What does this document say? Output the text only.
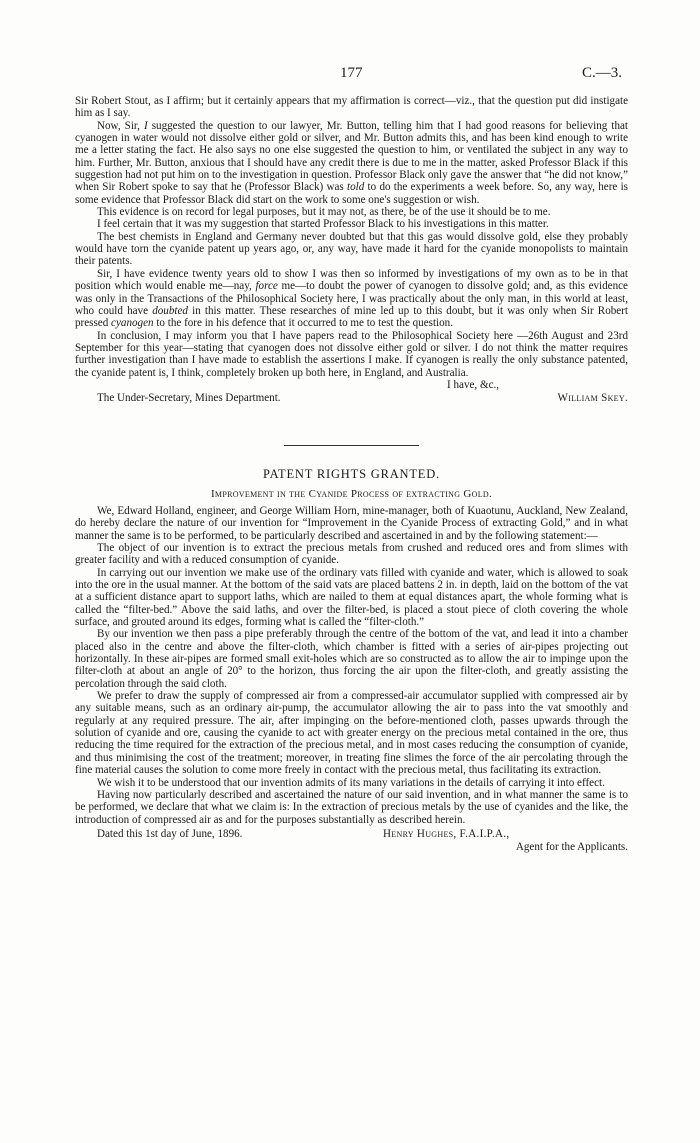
177	C.—3.

Sir Robert Stout, as I affirm; but it certainly appears that my affirmation is correct—viz., that the question put did instigate him as I say.

Now, Sir, I suggested the question to our lawyer, Mr. Button, telling him that I had good reasons for believing that cyanogen in water would not dissolve either gold or silver, and Mr. Button admits this, and has been kind enough to write me a letter stating the fact. He also says no one else suggested the question to him, or ventilated the subject in any way to him. Further, Mr. Button, anxious that I should have any credit there is due to me in the matter, asked Professor Black if this suggestion had not put him on to the investigation in question. Professor Black only gave the answer that “he did not know,” when Sir Robert spoke to say that he (Professor Black) was told to do the experiments a week before. So, any way, here is some evidence that Professor Black did start on the work to some one's suggestion or wish.

This evidence is on record for legal purposes, but it may not, as there, be of the use it should be to me.

I feel certain that it was my suggestion that started Professor Black to his investigations in this matter.

The best chemists in England and Germany never doubted but that this gas would dissolve gold, else they probably would have torn the cyanide patent up years ago, or, any way, have made it hard for the cyanide monopolists to maintain their patents.

Sir, I have evidence twenty years old to show I was then so informed by investigations of my own as to be in that position which would enable me—nay, force me—to doubt the power of cyanogen to dissolve gold; and, as this evidence was only in the Transactions of the Philosophical Society here, I was practically about the only man, in this world at least, who could have doubted in this matter. These researches of mine led up to this doubt, but it was only when Sir Robert pressed cyanogen to the fore in his defence that it occurred to me to test the question.

In conclusion, I may inform you that I have papers read to the Philosophical Society here —26th August and 23rd September for this year—stating that cyanogen does not dissolve either gold or silver. I do not think the matter requires further investigation than I have made to establish the assertions I make. If cyanogen is really the only substance patented, the cyanide patent is, I think, completely broken up both here, in England, and Australia.

I have, &c.,

The Under-Secretary, Mines Department.	William Skey.
PATENT RIGHTS GRANTED.
Improvement in the Cyanide Process of extracting Gold.

We, Edward Holland, engineer, and George William Horn, mine-manager, both of Kuaotunu, Auckland, New Zealand, do hereby declare the nature of our invention for “Improvement in the Cyanide Process of extracting Gold,” and in what manner the same is to be performed, to be particularly described and ascertained in and by the following statement:—

The object of our invention is to extract the precious metals from crushed and reduced ores and from slimes with greater facility and with a reduced consumption of cyanide.

In carrying out our invention we make use of the ordinary vats filled with cyanide and water, which is allowed to soak into the ore in the usual manner. At the bottom of the said vats are placed battens 2 in. in depth, laid on the bottom of the vat at a sufficient distance apart to support laths, which are nailed to them at equal distances apart, the whole forming what is called the “filter-bed.” Above the said laths, and over the filter-bed, is placed a stout piece of cloth covering the whole surface, and grouted around its edges, forming what is called the “filter-cloth.”

By our invention we then pass a pipe preferably through the centre of the bottom of the vat, and lead it into a chamber placed also in the centre and above the filter-cloth, which chamber is fitted with a series of air-pipes projecting out horizontally. In these air-pipes are formed small exit-holes which are so constructed as to allow the air to impinge upon the filter-cloth at about an angle of 20° to the horizon, thus forcing the air upon the filter-cloth, and greatly assisting the percolation through the said cloth.

We prefer to draw the supply of compressed air from a compressed-air accumulator supplied with compressed air by any suitable means, such as an ordinary air-pump, the accumulator allowing the air to pass into the vat smoothly and regularly at any required pressure. The air, after impinging on the before-mentioned cloth, passes upwards through the solution of cyanide and ore, causing the cyanide to act with greater energy on the precious metal contained in the ore, thus reducing the time required for the extraction of the precious metal, and in most cases reducing the consumption of cyanide, and thus minimising the cost of the treatment; moreover, in treating fine slimes the force of the air percolating through the fine material causes the solution to come more freely in contact with the precious metal, thus facilitating its extraction.

We wish it to be understood that our invention admits of its many variations in the details of carrying it into effect.

Having now particularly described and ascertained the nature of our said invention, and in what manner the same is to be performed, we declare that what we claim is: In the extraction of precious metals by the use of cyanides and the like, the introduction of compressed air as and for the purposes substantially as described herein.

Dated this 1st day of June, 1896.	Henry Hughes, F.A.I.P.A.,
Agent for the Applicants.
